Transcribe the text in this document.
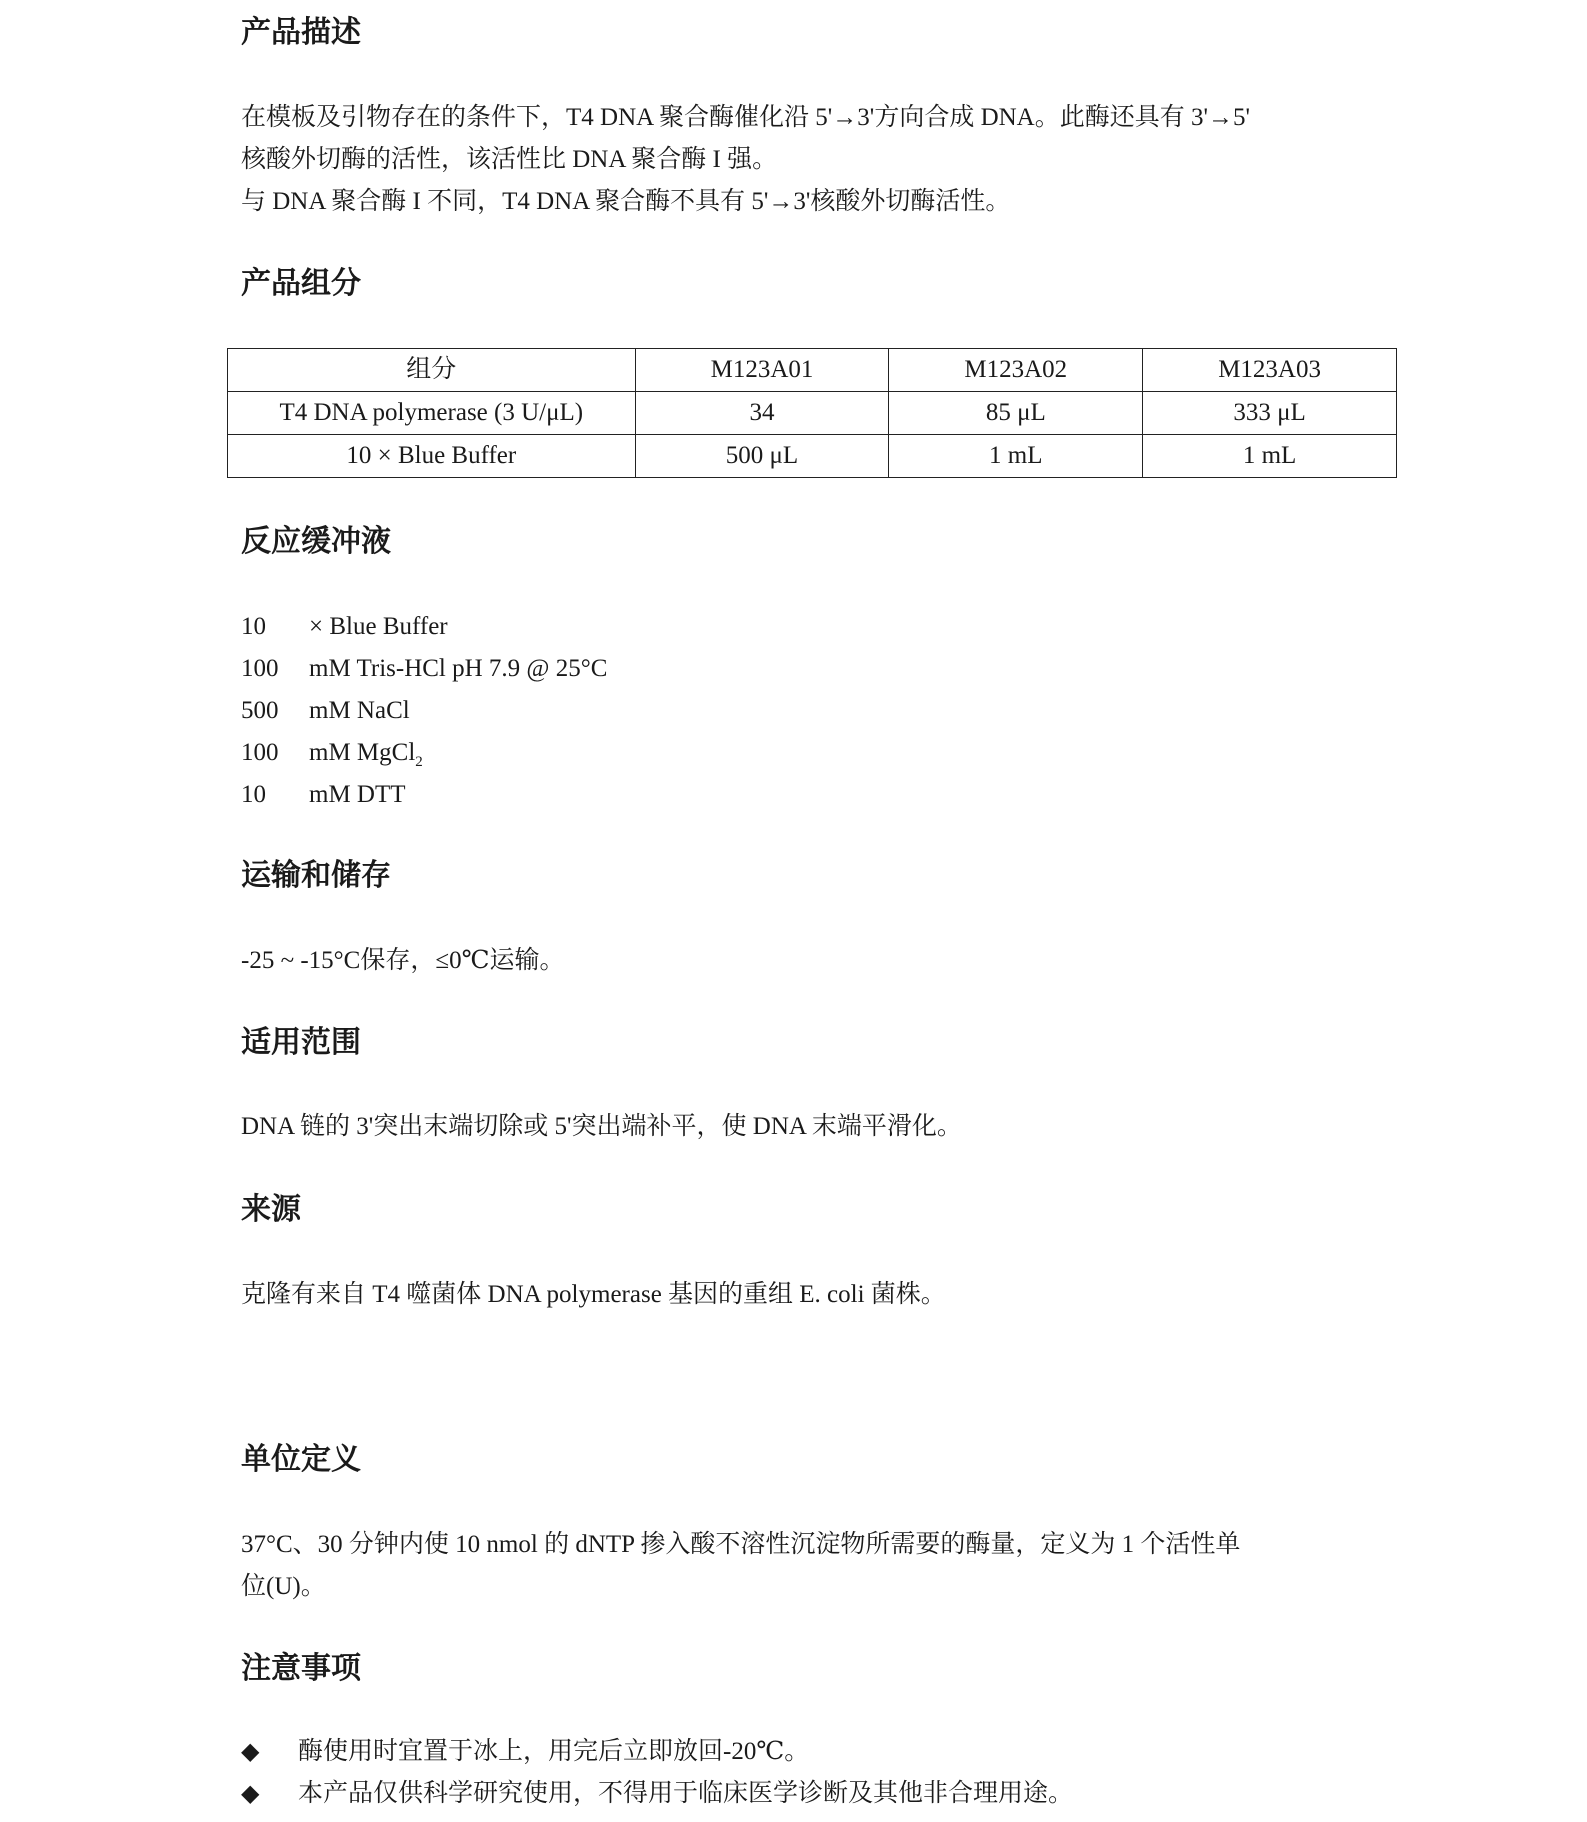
产品描述
在模板及引物存在的条件下，T4 DNA 聚合酶催化沿 5'→3'方向合成 DNA。此酶还具有 3'→5'
核酸外切酶的活性，该活性比 DNA 聚合酶 I 强。
与 DNA 聚合酶 I 不同，T4 DNA 聚合酶不具有 5'→3'核酸外切酶活性。
产品组分
组分	M123A01	M123A02	M123A03
T4 DNA polymerase (3 U/μL)	34	85 μL	333 μL
10 × Blue Buffer	500 μL	1 mL	1 mL
反应缓冲液
10 × Blue Buffer
100 mM Tris-HCl pH 7.9 @ 25°C
500 mM NaCl
100 mM MgCl$_2$
10 mM DTT
运输和储存
-25 ~ -15°C保存，≤0℃运输。
适用范围
DNA 链的 3'突出末端切除或 5'突出端补平，使 DNA 末端平滑化。
来源
克隆有来自 T4 噬菌体 DNA polymerase 基因的重组 E. coli 菌株。
单位定义
37°C、30 分钟内使 10 nmol 的 dNTP 掺入酸不溶性沉淀物所需要的酶量，定义为 1 个活性单
位(U)。
注意事项
◆ 酶使用时宜置于冰上，用完后立即放回-20℃。
◆ 本产品仅供科学研究使用，不得用于临床医学诊断及其他非合理用途。
